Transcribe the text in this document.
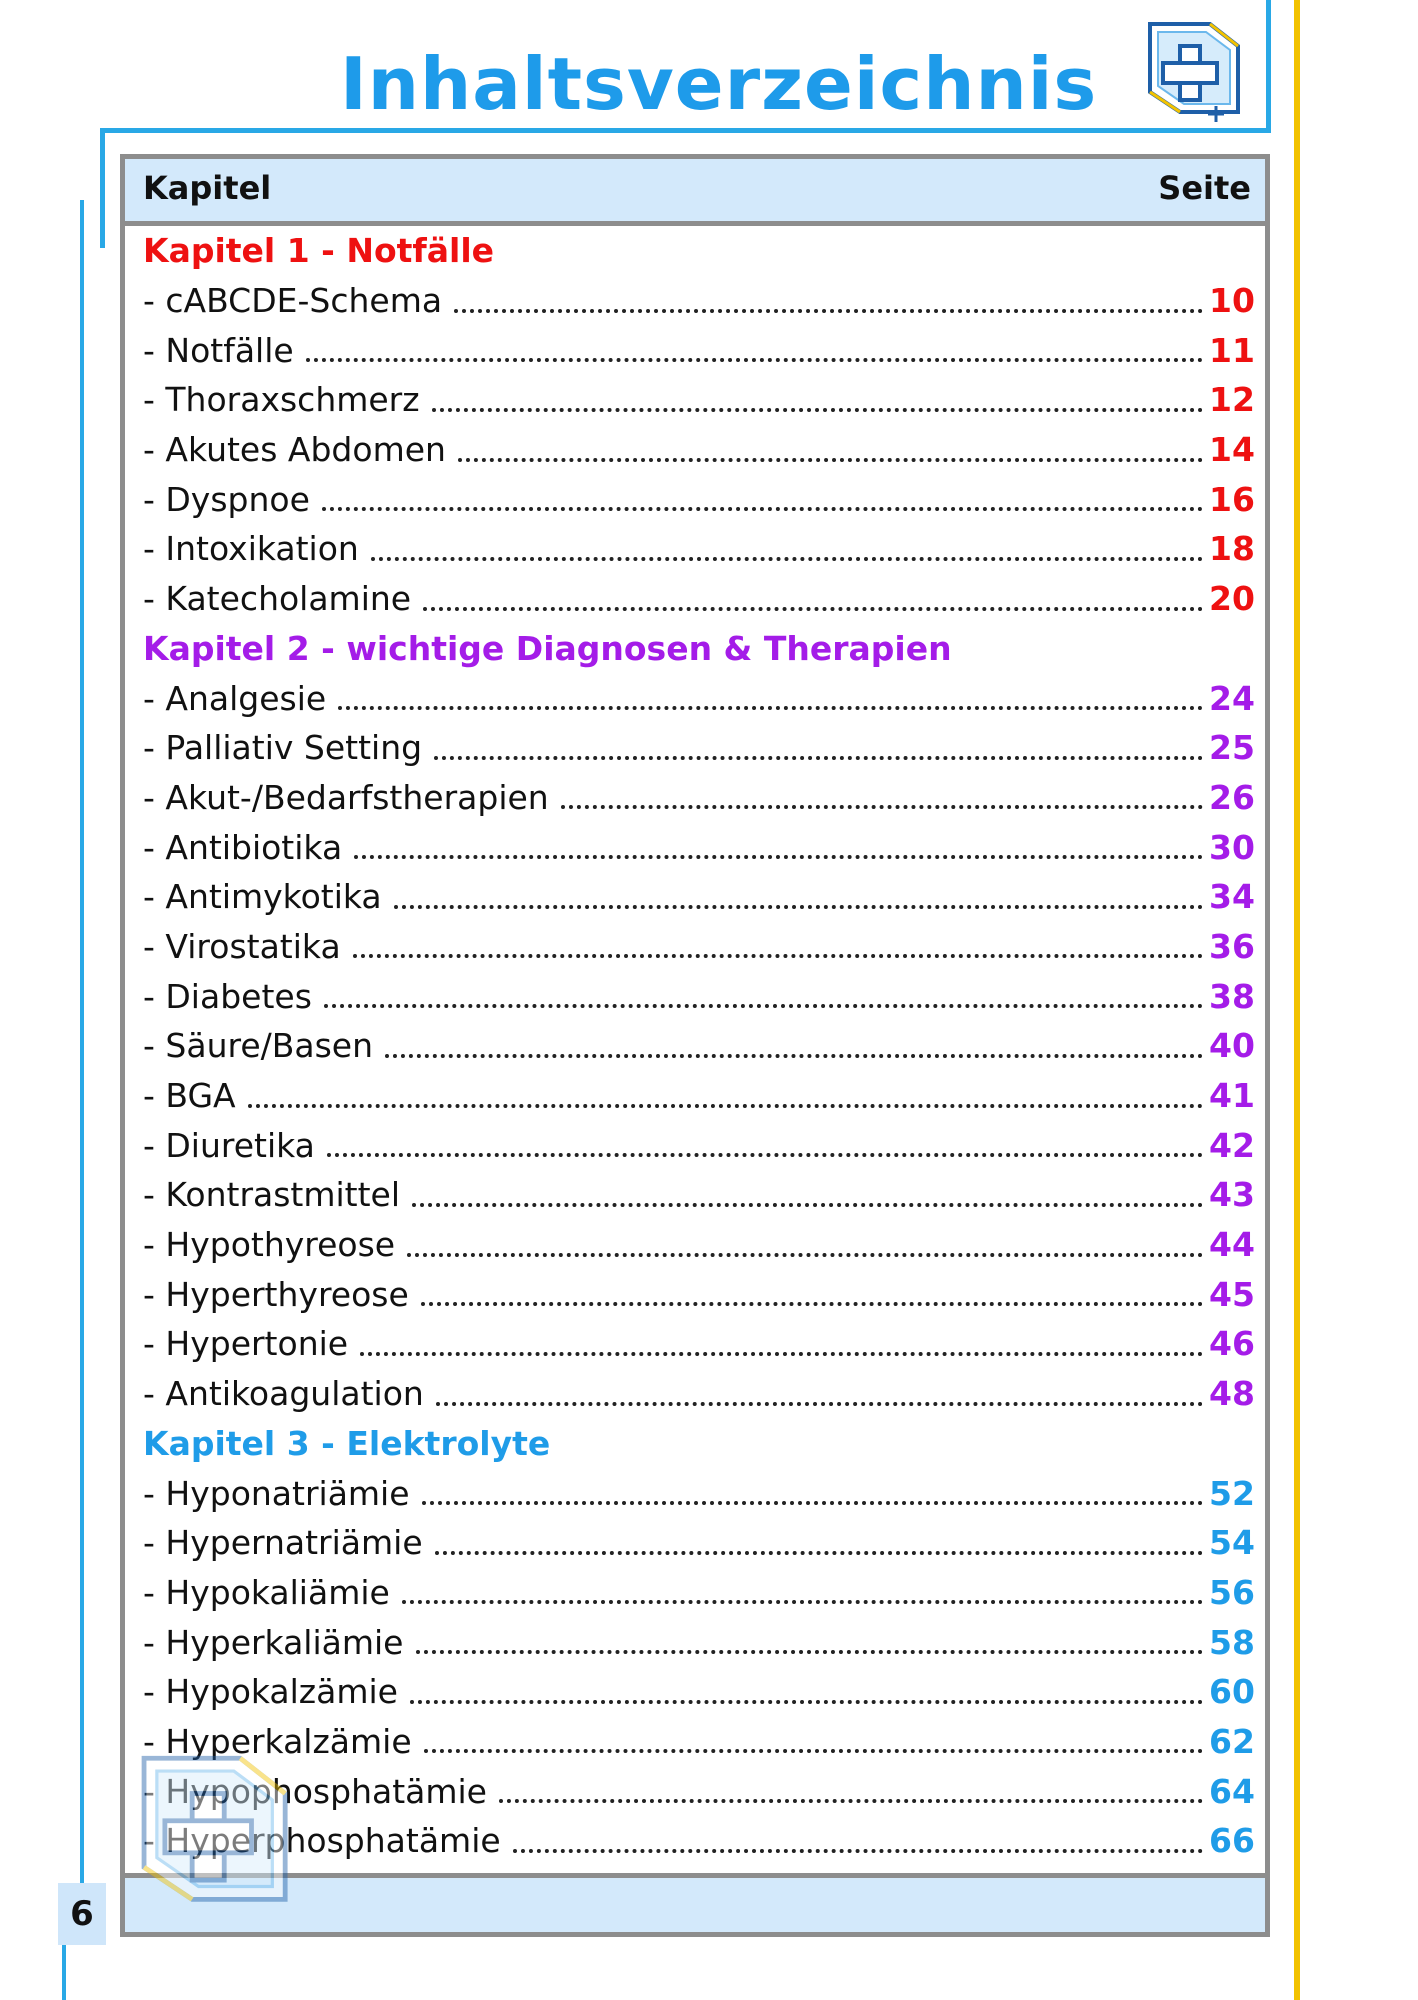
Inhaltsverzeichnis
Kapitel	Seite
Kapitel 1 - Notfälle
- cABCDE-Schema	10
- Notfälle	11
- Thoraxschmerz	12
- Akutes Abdomen	14
- Dyspnoe	16
- Intoxikation	18
- Katecholamine	20
Kapitel 2 - wichtige Diagnosen & Therapien
- Analgesie	24
- Palliativ Setting	25
- Akut-/Bedarfstherapien	26
- Antibiotika	30
- Antimykotika	34
- Virostatika	36
- Diabetes	38
- Säure/Basen	40
- BGA	41
- Diuretika	42
- Kontrastmittel	43
- Hypothyreose	44
- Hyperthyreose	45
- Hypertonie	46
- Antikoagulation	48
Kapitel 3 - Elektrolyte
- Hyponatriämie	52
- Hypernatriämie	54
- Hypokaliämie	56
- Hyperkaliämie	58
- Hypokalzämie	60
- Hyperkalzämie	62
- Hypophosphatämie	64
- Hyperphosphatämie	66
6
